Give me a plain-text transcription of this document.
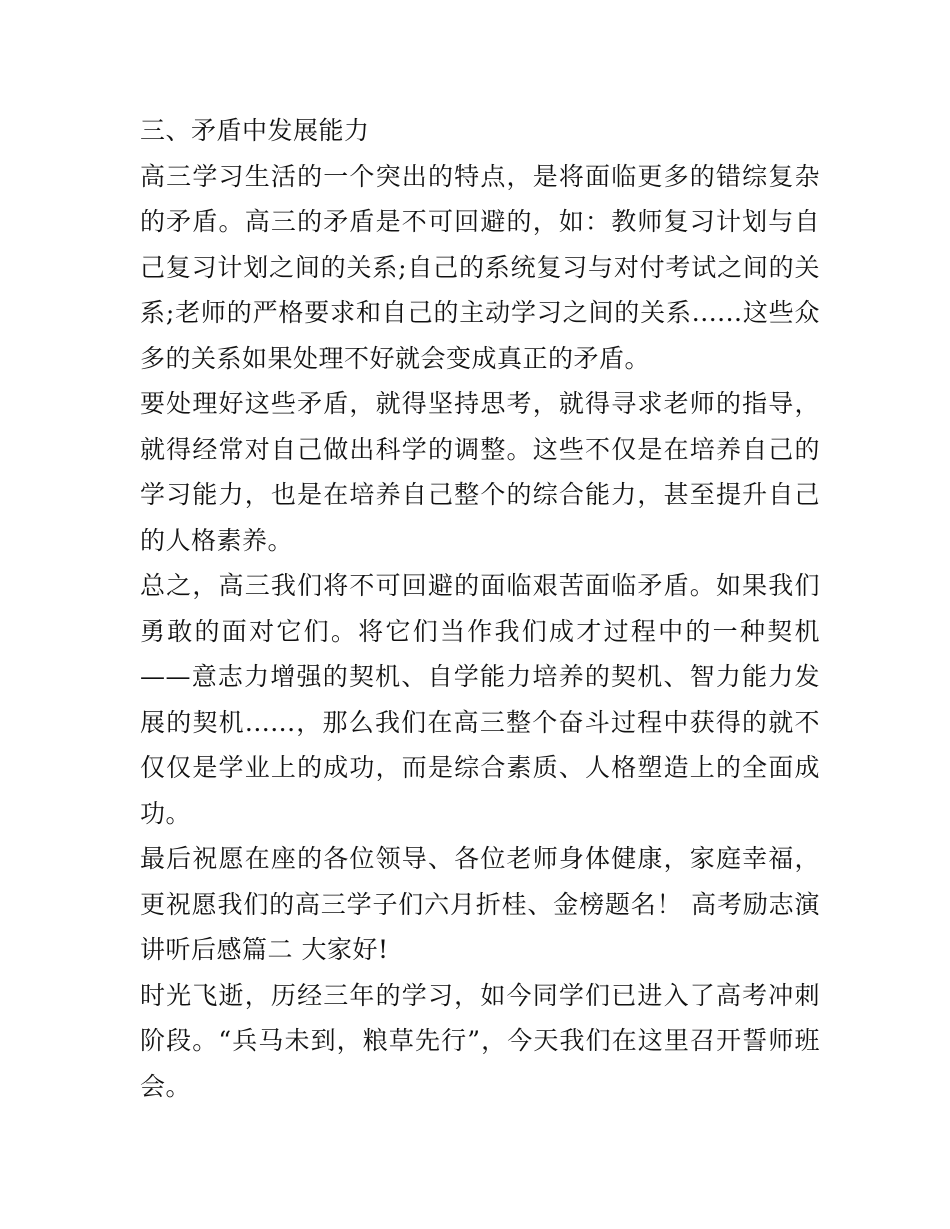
三、矛盾中发展能力

高三学习生活的一个突出的特点，是将面临更多的错综复杂的矛盾。高三的矛盾是不可回避的，如：教师复习计划与自己复习计划之间的关系;自己的系统复习与对付考试之间的关系;老师的严格要求和自己的主动学习之间的关系......这些众多的关系如果处理不好就会变成真正的矛盾。

要处理好这些矛盾，就得坚持思考，就得寻求老师的指导，就得经常对自己做出科学的调整。这些不仅是在培养自己的学习能力，也是在培养自己整个的综合能力，甚至提升自己的人格素养。

总之，高三我们将不可回避的面临艰苦面临矛盾。如果我们勇敢的面对它们。将它们当作我们成才过程中的一种契机——意志力增强的契机、自学能力培养的契机、智力能力发展的契机......，那么我们在高三整个奋斗过程中获得的就不仅仅是学业上的成功，而是综合素质、人格塑造上的全面成功。

最后祝愿在座的各位领导、各位老师身体健康，家庭幸福，更祝愿我们的高三学子们六月折桂、金榜题名！ 高考励志演讲听后感篇二 大家好!

时光飞逝，历经三年的学习，如今同学们已进入了高考冲刺阶段。“兵马未到，粮草先行”，今天我们在这里召开誓师班会。
